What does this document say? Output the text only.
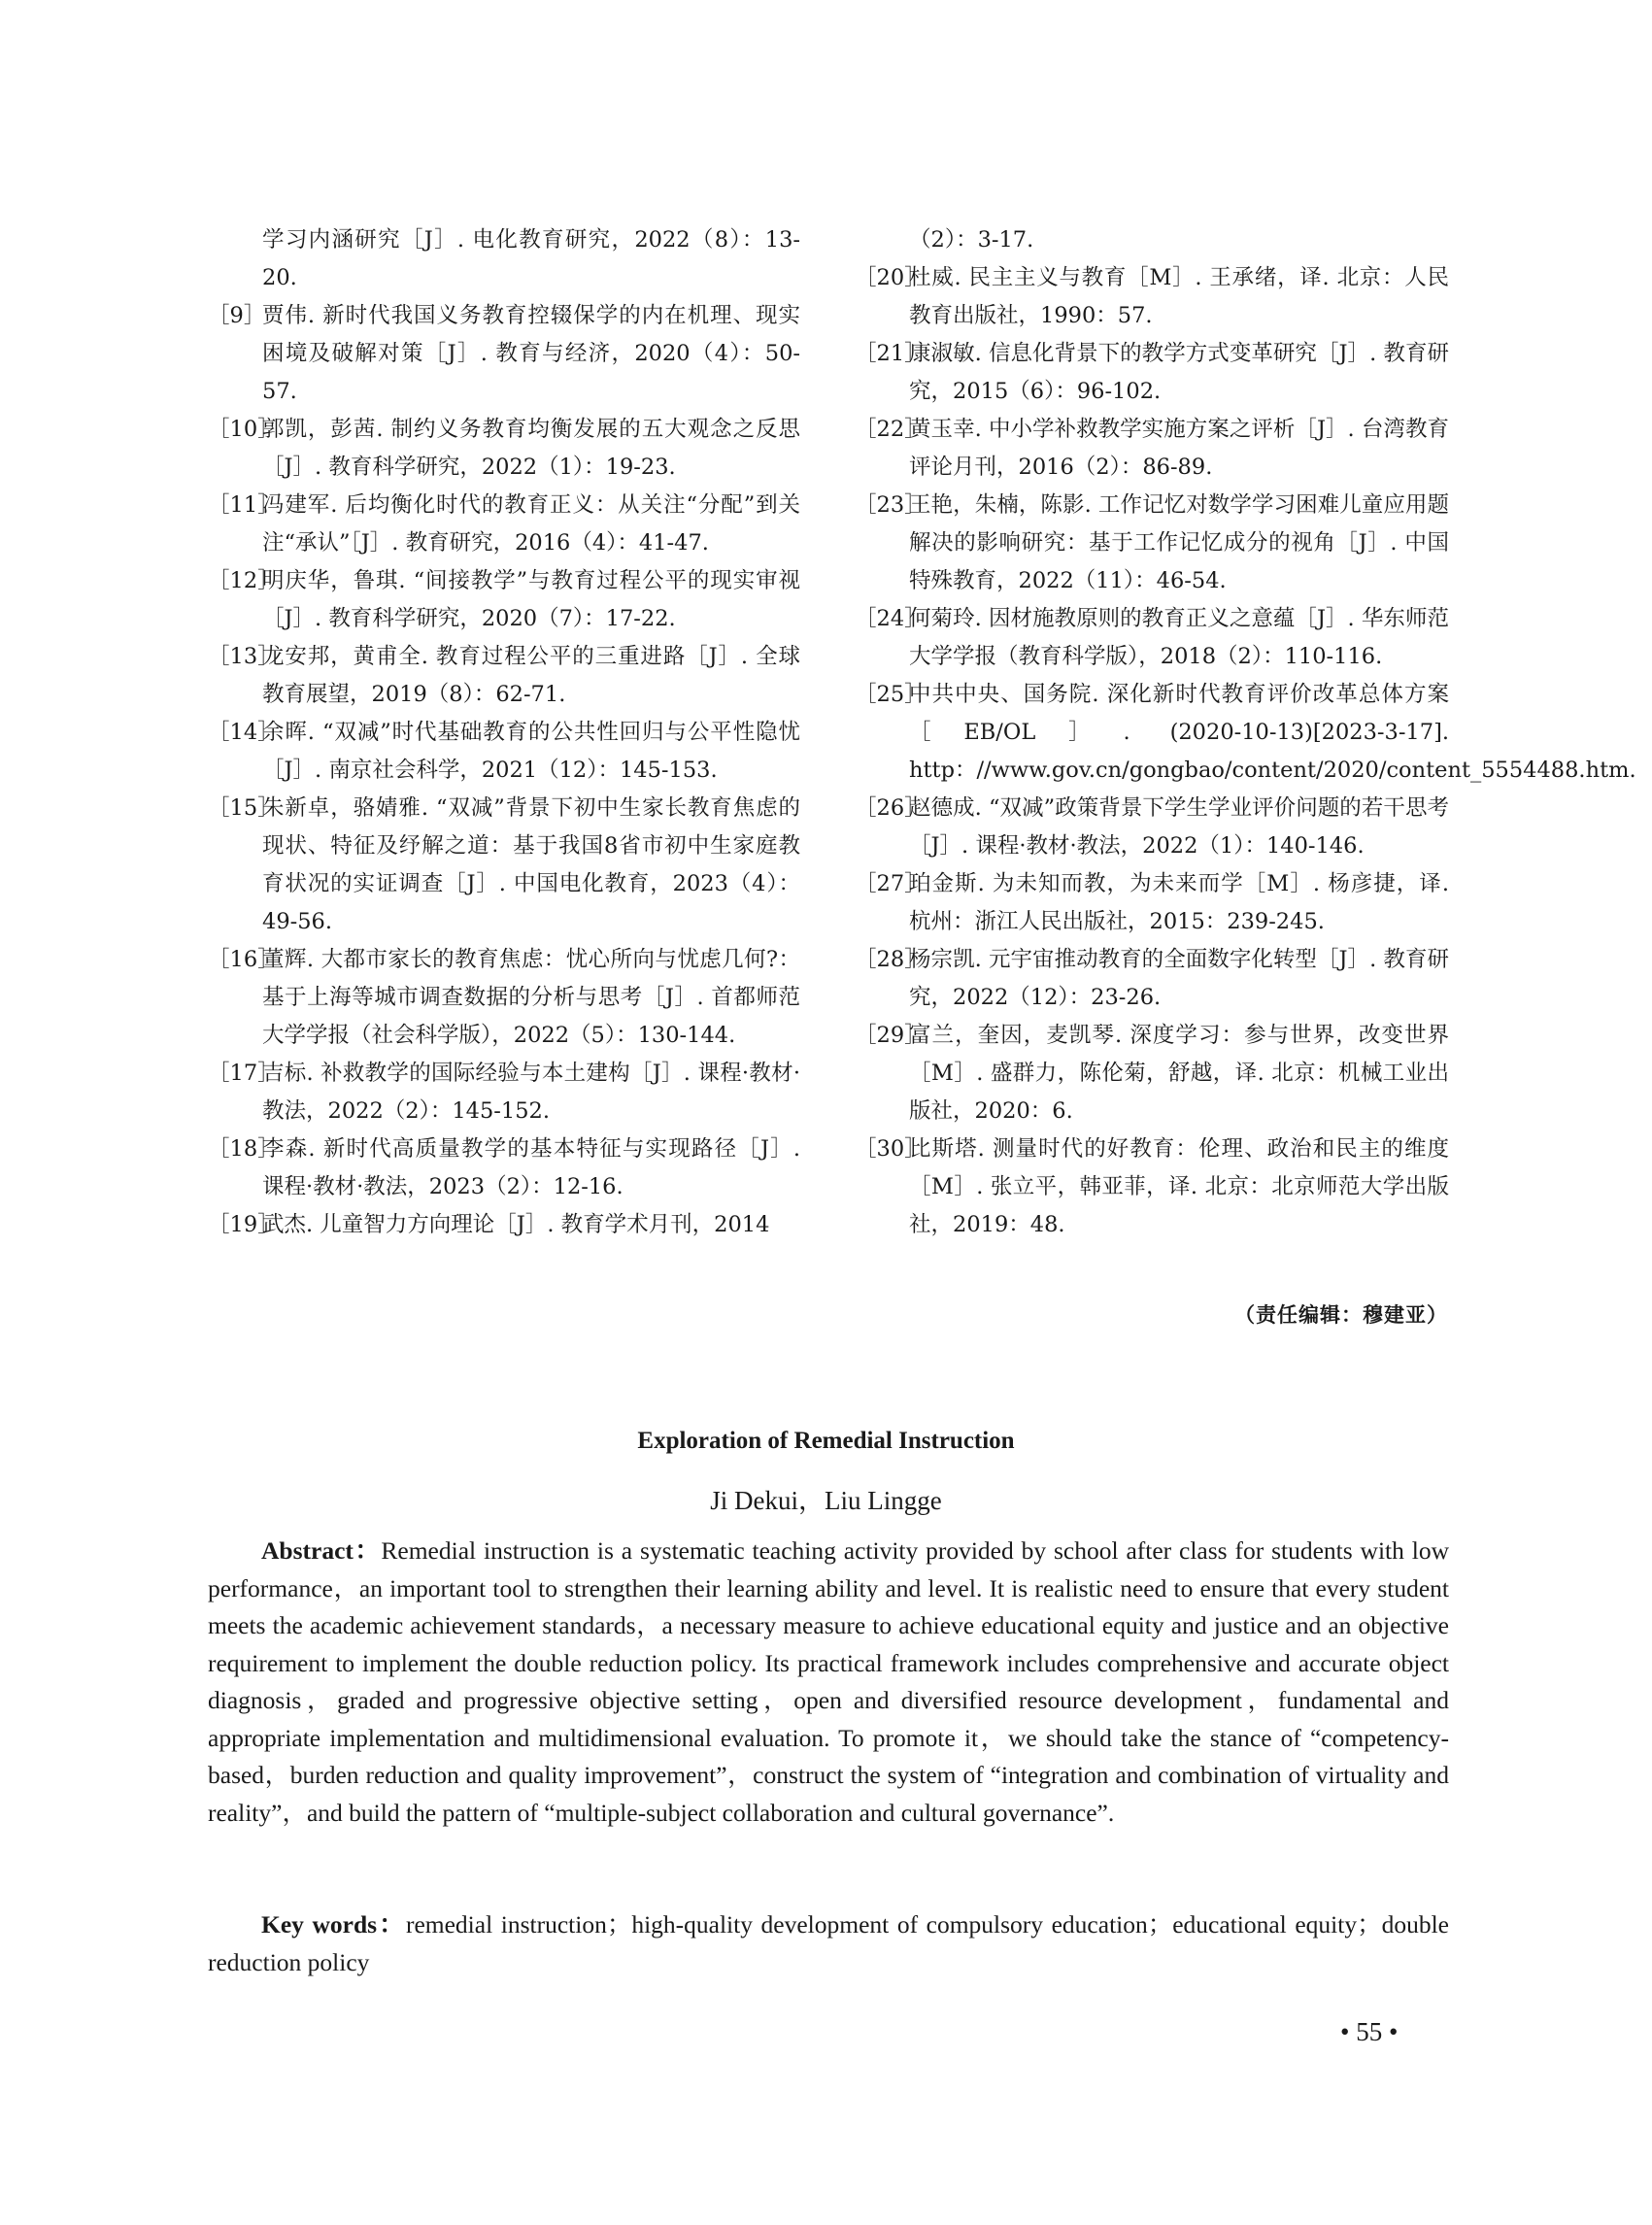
学习内涵研究［J］. 电化教育研究，2022（8）：13-20.

［9］
贾伟. 新时代我国义务教育控辍保学的内在机理、现实困境及破解对策［J］. 教育与经济，2020（4）：50-57.

［10］
郭凯，彭茜. 制约义务教育均衡发展的五大观念之反思［J］. 教育科学研究，2022（1）：19-23.

［11］
冯建军. 后均衡化时代的教育正义：从关注“分配”到关注“承认”［J］. 教育研究，2016（4）：41-47.

［12］
明庆华，鲁琪. “间接教学”与教育过程公平的现实审视［J］. 教育科学研究，2020（7）：17-22.

［13］
龙安邦，黄甫全. 教育过程公平的三重进路［J］. 全球教育展望，2019（8）：62-71.

［14］
余晖. “双减”时代基础教育的公共性回归与公平性隐忧［J］. 南京社会科学，2021（12）：145-153.

［15］
朱新卓，骆婧雅. “双减”背景下初中生家长教育焦虑的现状、特征及纾解之道：基于我国8省市初中生家庭教育状况的实证调查［J］. 中国电化教育，2023（4）：49-56.

［16］
董辉. 大都市家长的教育焦虑：忧心所向与忧虑几何?：基于上海等城市调查数据的分析与思考［J］. 首都师范大学学报（社会科学版），2022（5）：130-144.

［17］
吉标. 补救教学的国际经验与本土建构［J］. 课程·教材·教法，2022（2）：145-152.

［18］
李森. 新时代高质量教学的基本特征与实现路径［J］. 课程·教材·教法，2023（2）：12-16.

［19］
武杰. 儿童智力方向理论［J］. 教育学术月刊，2014

（2）：3-17.

［20］
杜威. 民主主义与教育［M］. 王承绪，译. 北京：人民教育出版社，1990：57.

［21］
康淑敏. 信息化背景下的教学方式变革研究［J］. 教育研究，2015（6）：96-102.

［22］
黄玉幸. 中小学补救教学实施方案之评析［J］. 台湾教育评论月刊，2016（2）：86-89.

［23］
王艳，朱楠，陈影. 工作记忆对数学学习困难儿童应用题解决的影响研究：基于工作记忆成分的视角［J］. 中国特殊教育，2022（11）：46-54.

［24］
何菊玲. 因材施教原则的教育正义之意蕴［J］. 华东师范大学学报（教育科学版），2018（2）：110-116.

［25］
中共中央、国务院. 深化新时代教育评价改革总体方案［EB/OL］. (2020-10-13)[2023-3-17]. http：//www.gov.cn/gongbao/content/2020/content_5554488.htm.

［26］
赵德成. “双减”政策背景下学生学业评价问题的若干思考［J］. 课程·教材·教法，2022（1）：140-146.

［27］
珀金斯. 为未知而教，为未来而学［M］. 杨彦捷，译. 杭州：浙江人民出版社，2015：239-245.

［28］
杨宗凯. 元宇宙推动教育的全面数字化转型［J］. 教育研究，2022（12）：23-26.

［29］
富兰，奎因，麦凯琴. 深度学习：参与世界，改变世界［M］. 盛群力，陈伦菊，舒越，译. 北京：机械工业出版社，2020：6.

［30］
比斯塔. 测量时代的好教育：伦理、政治和民主的维度［M］. 张立平，韩亚菲，译. 北京：北京师范大学出版社，2019：48.

（责任编辑：穆建亚）
Exploration of Remedial Instruction
Ji Dekui，Liu Lingge

Abstract：Remedial instruction is a systematic teaching activity provided by school after class for students with low performance，an important tool to strengthen their learning ability and level. It is realistic need to ensure that every student meets the academic achievement standards，a necessary measure to achieve educational equity and justice and an objective requirement to implement the double reduction policy. Its practical framework includes comprehensive and accurate object diagnosis，graded and progressive objective setting，open and diversified resource development，fundamental and appropriate implementation and multidimensional evaluation. To promote it，we should take the stance of “competency-based，burden reduction and quality improvement”，construct the system of “integration and combination of virtuality and reality”，and build the pattern of “multiple-subject collaboration and cultural governance”.

Key words：remedial instruction；high-quality development of compulsory education；educational equity；double reduction policy

• 55 •
